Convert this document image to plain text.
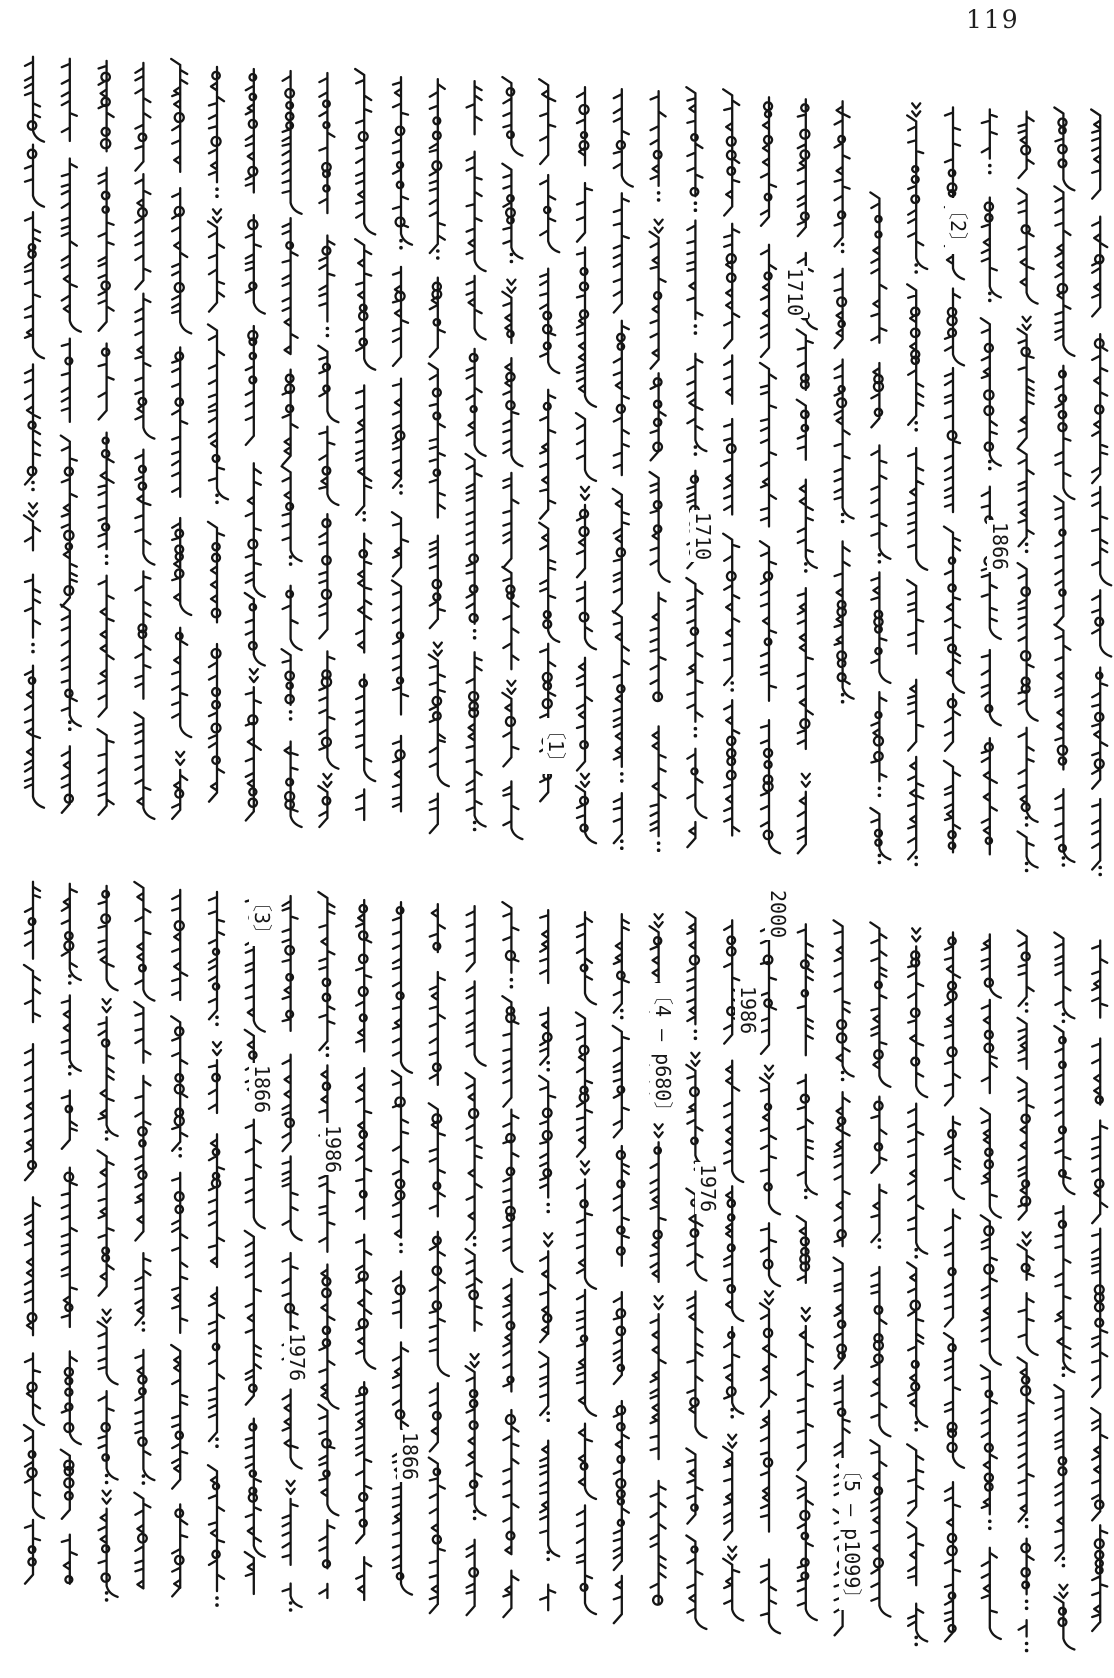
119
〔2〕
1710
1710	1866
〔1〕
2000
〔3〕
1986
〔4 — p680〕
1866
1986
1976
1976
1866
〔5 — p1099〕
